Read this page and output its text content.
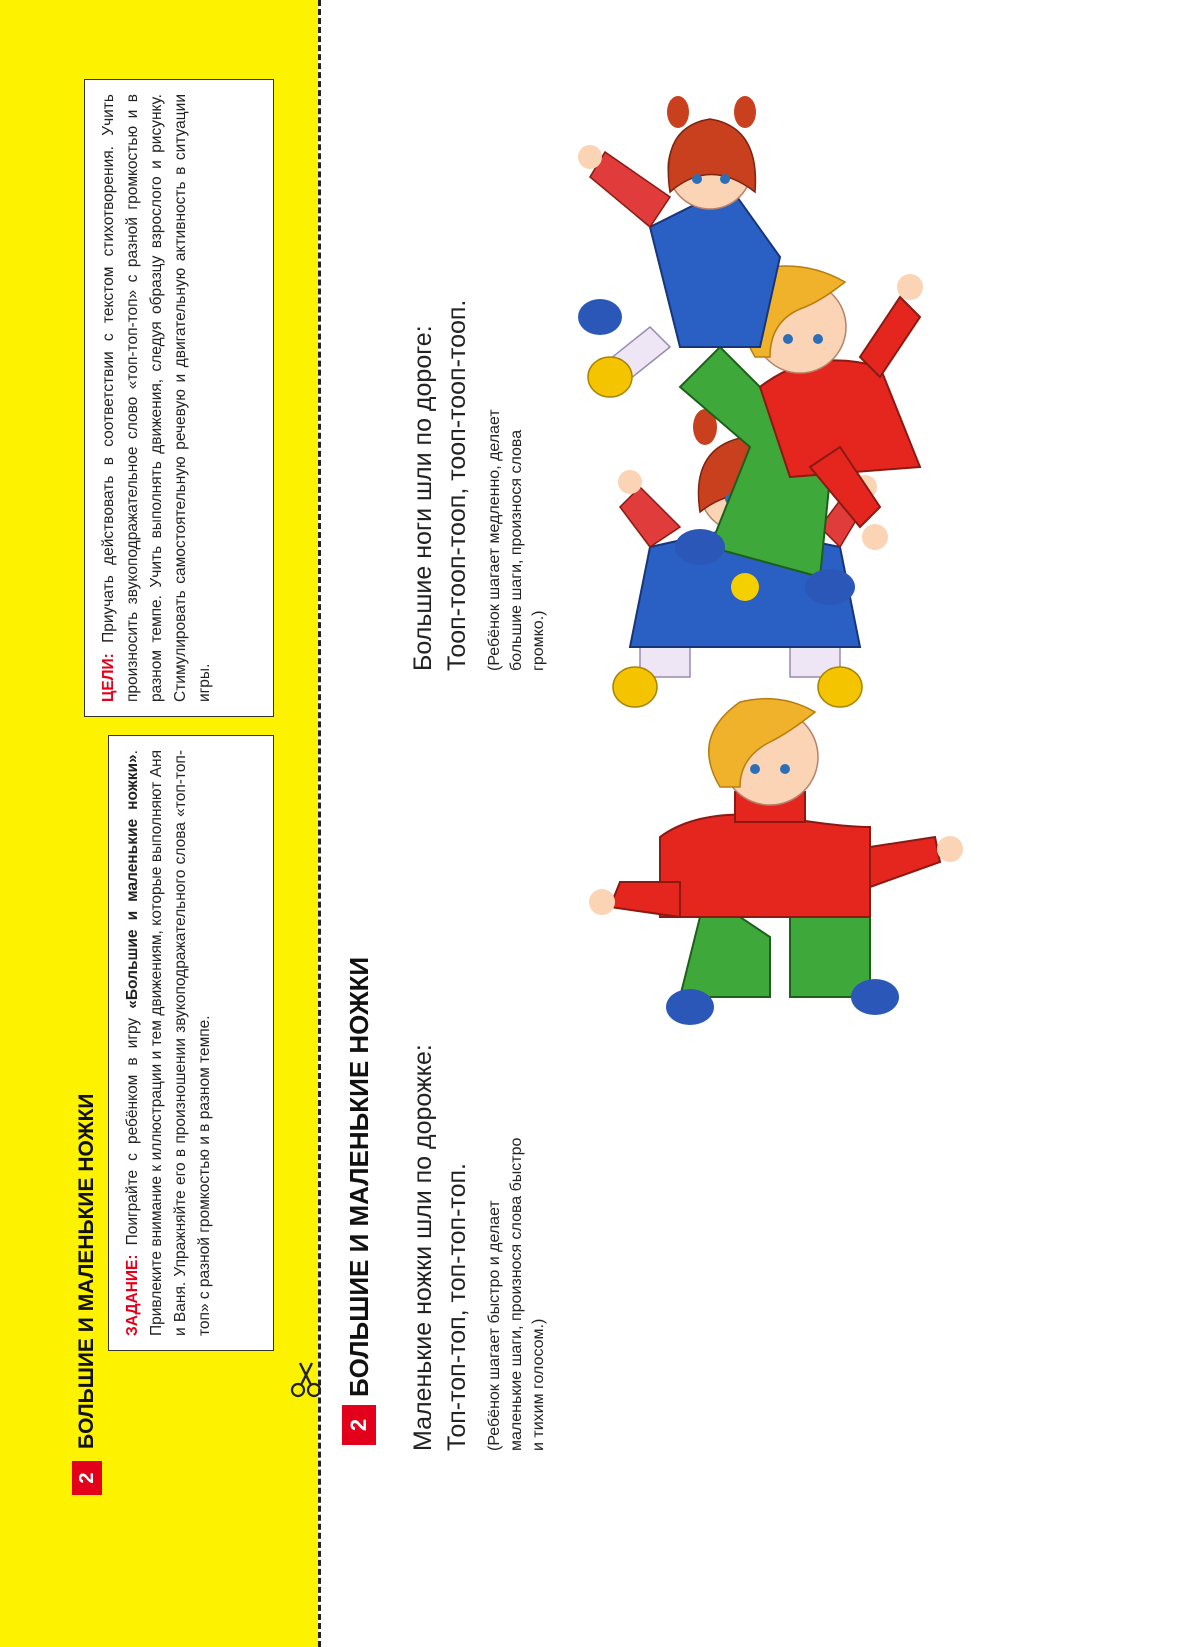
2
БОЛЬШИЕ И МАЛЕНЬКИЕ НОЖКИ	ЗАДАНИЕ: Поиграйте с ребёнком в игру «Большие и маленькие ножки». Привлеките внимание к иллюстрации и тем движениям, которые выполняют Аня и Ваня. Упражняйте его в произношении звукоподражательного слова «топ-топ-топ» с разной громкостью и в разном темпе.
ЦЕЛИ: Приучать действовать в соответствии с текстом стихотворения. Учить произносить звукоподражательное слово «топ-топ-топ» с разной громкостью и в разном темпе. Учить выполнять движения, следуя образцу взрослого и рисунку. Стимулировать самостоятельную речевую и двигательную активность в ситуации игры.
2
БОЛЬШИЕ И МАЛЕНЬКИЕ НОЖКИ Маленькие ножки шли по дорожке: Топ-топ-топ, топ-топ-топ. (Ребёнок шагает быстро и делает маленькие шаги, произнося слова быстро и тихим голосом.)
Большие ноги шли по дороге: Тооп-тооп-тооп, тооп-тооп-тооп. (Ребёнок шагает медленно, делает большие шаги, произнося слова громко.)
